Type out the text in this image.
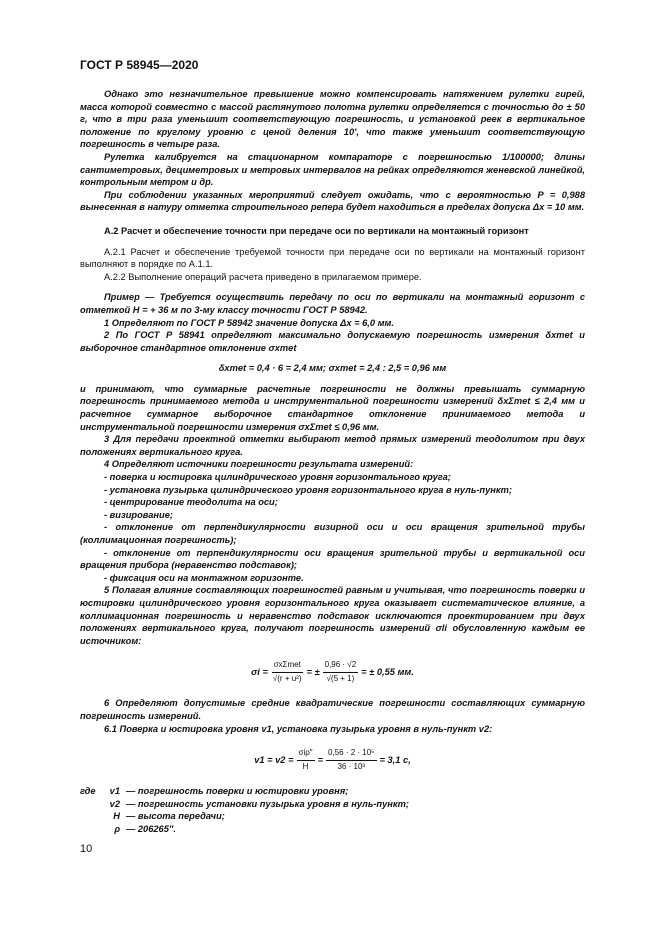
ГОСТ Р 58945—2020

Однако это незначительное превышение можно компенсировать натяжением рулетки гирей, масса которой совместно с массой растянутого полотна рулетки определяется с точностью до ± 50 г, что в три раза уменьшит соответствующую погрешность, и установкой реек в вертикальное положение по круглому уровню с ценой деления 10′, что также уменьшит соответствующую погрешность в четыре раза.

Рулетка калибруется на стационарном компараторе с погрешностью 1/100000; длины сантиметровых, дециметровых и метровых интервалов на рейках определяются женевской линейкой, контрольным метром и др.

При соблюдении указанных мероприятий следует ожидать, что с вероятностью P = 0,988 вынесенная в натуру отметка строительного репера будет находиться в пределах допуска Δx = 10 мм.

А.2 Расчет и обеспечение точности при передаче оси по вертикали на монтажный горизонт

А.2.1 Расчет и обеспечение требуемой точности при передаче оси по вертикали на монтажный горизонт выполняют в порядке по А.1.1.

А.2.2 Выполнение операций расчета приведено в прилагаемом примере.

Пример — Требуется осуществить передачу по оси по вертикали на монтажный горизонт с отметкой H = + 36 м по 3-му классу точности ГОСТ Р 58942.

1 Определяют по ГОСТ Р 58942 значение допуска Δx = 6,0 мм.

2 По ГОСТ Р 58941 определяют максимально допускаемую погрешность измерения δxmet и выборочное стандартное отклонение σxmet

δxmet = 0,4 · 6 = 2,4 мм; σxmet = 2,4 : 2,5 = 0,96 мм

и принимают, что суммарные расчетные погрешности не должны превышать суммарную погрешность принимаемого метода и инструментальной погрешности измерений δxΣmet ≤ 2,4 мм и расчетное суммарное выборочное стандартное отклонение принимаемого метода и инструментальной погрешности измерения σxΣmet ≤ 0,96 мм.

3 Для передачи проектной отметки выбирают метод прямых измерений теодолитом при двух положениях вертикального круга.

4 Определяют источники погрешности результата измерений:

- поверка и юстировка цилиндрического уровня горизонтального круга;

- установка пузырька цилиндрического уровня горизонтального круга в нуль-пункт;

- центрирование теодолита на оси;

- визирование;

- отклонение от перпендикулярности визирной оси и оси вращения зрительной трубы (коллимационная погрешность);

- отклонение от перпендикулярности оси вращения зрительной трубы и вертикальной оси вращения прибора (неравенство подставок);

- фиксация оси на монтажном горизонте.

5 Полагая влияние составляющих погрешностей равным и учитывая, что погрешность поверки и юстировки цилиндрического уровня горизонтального круга оказывает систематическое влияние, а коллимационная погрешность и неравенство подставок исключаются проектированием при двух положениях вертикального круга, получают погрешность измерений σli обусловленную каждым ее источником:

$\sigma i = \frac{\text{σxΣmet}}{\text{√(r + u²)}}$ = ± $\frac{0,96 \cdot √2}{√(5 + 1)}$ = ± 0,55 мм.

6 Определяют допустимые средние квадратические погрешности составляющих суммарную погрешность измерений.

6.1 Поверка и юстировка уровня v1, установка пузырька уровня в нуль-пункт v2:

$v1 = v2 = \frac{\text{σiρ″}}{H} = \frac{\text{0,56 · 2 · 10⁵}}{\text{36 · 10³}} = 3,1$ с,
где	v1 — погрешность поверки и юстировки уровня;
v2 — погрешность установки пузырька уровня в нуль-пункт;
H — высота передачи;
ρ — 206265″.
10
